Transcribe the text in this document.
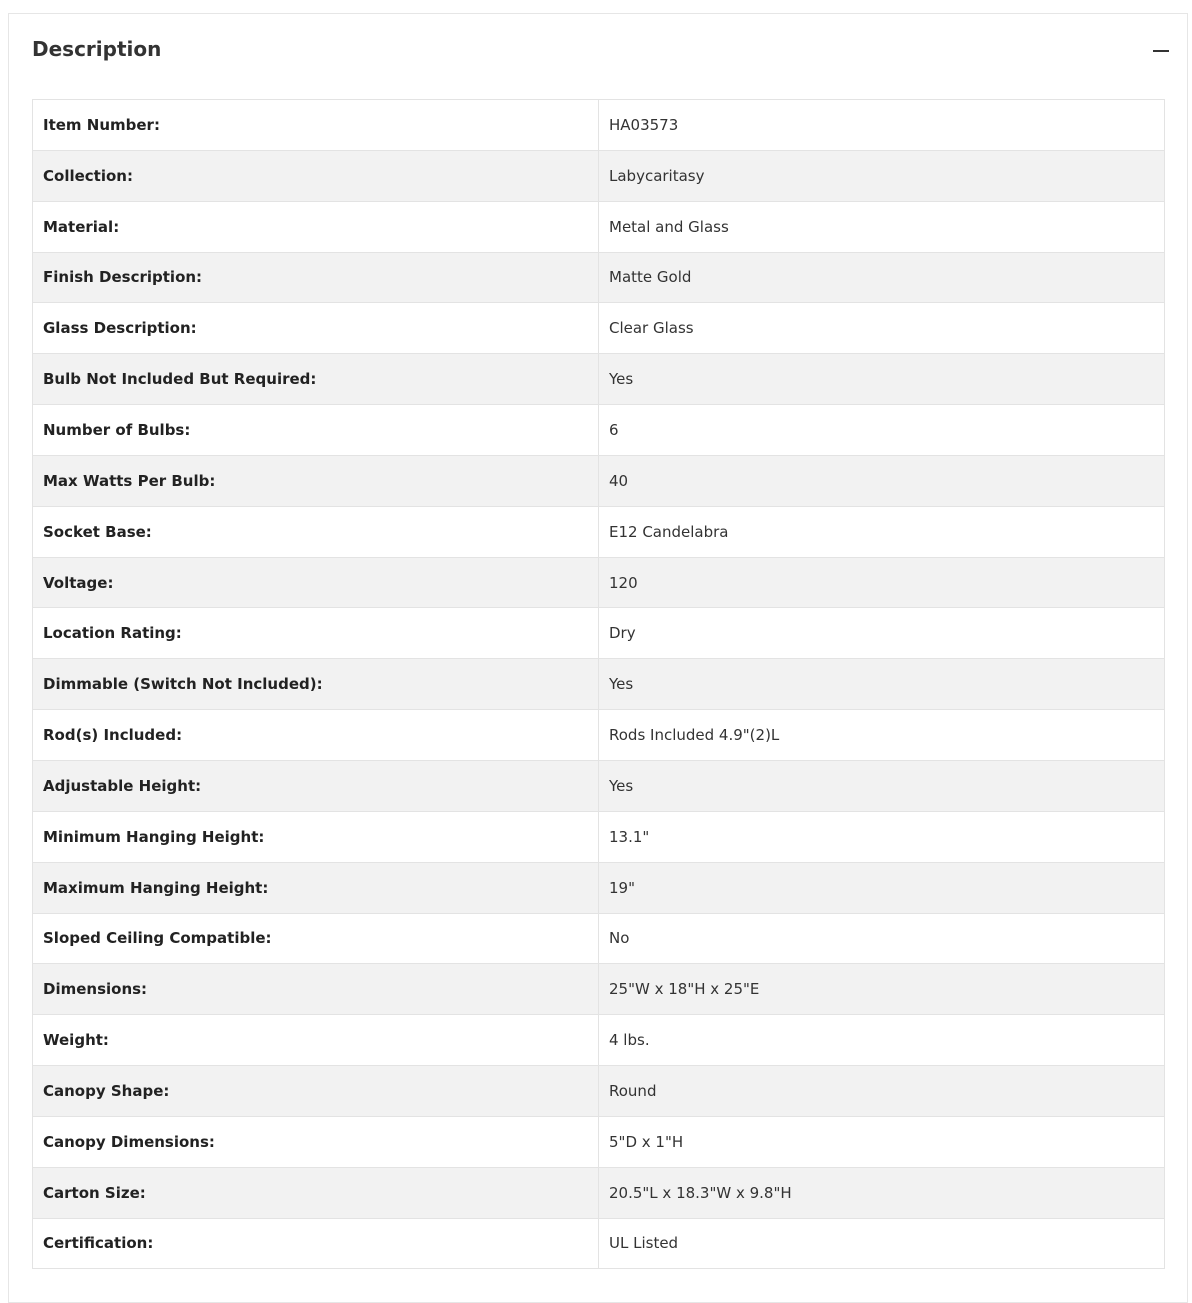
Description
Item Number:	HA03573
Collection:	Labycaritasy
Material:	Metal and Glass
Finish Description:	Matte Gold
Glass Description:	Clear Glass
Bulb Not Included But Required:	Yes
Number of Bulbs:	6
Max Watts Per Bulb:	40
Socket Base:	E12 Candelabra
Voltage:	120
Location Rating:	Dry
Dimmable (Switch Not Included):	Yes
Rod(s) Included:	Rods Included 4.9"(2)L
Adjustable Height:	Yes
Minimum Hanging Height:	13.1"
Maximum Hanging Height:	19"
Sloped Ceiling Compatible:	No
Dimensions:	25"W x 18"H x 25"E
Weight:	4 lbs.
Canopy Shape:	Round
Canopy Dimensions:	5"D x 1"H
Carton Size:	20.5"L x 18.3"W x 9.8"H
Certification:	UL Listed
